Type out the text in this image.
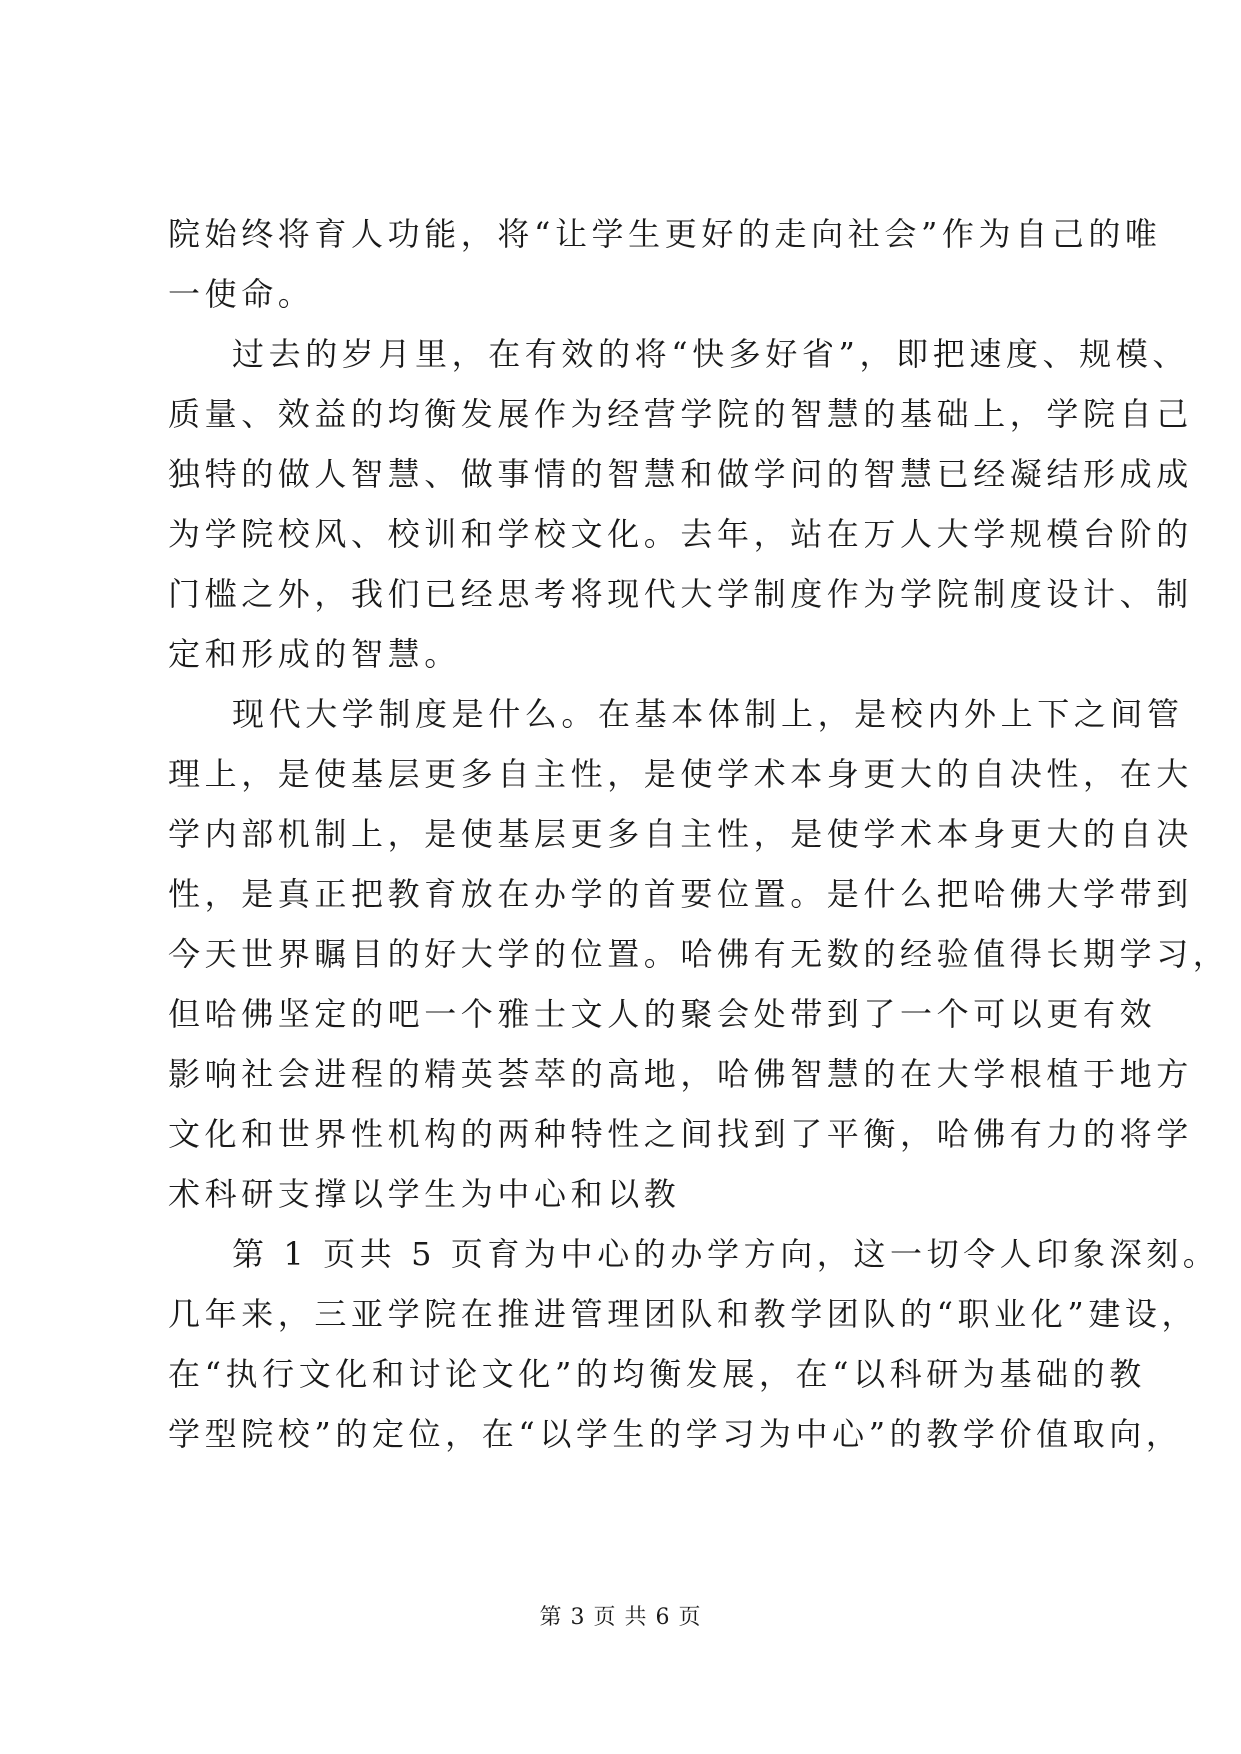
院始终将育人功能，将“让学生更好的走向社会”作为自己的唯
一使命。
过去的岁月里，在有效的将“快多好省”，即把速度、规模、
质量、效益的均衡发展作为经营学院的智慧的基础上，学院自己
独特的做人智慧、做事情的智慧和做学问的智慧已经凝结形成成
为学院校风、校训和学校文化。去年，站在万人大学规模台阶的
门槛之外，我们已经思考将现代大学制度作为学院制度设计、制
定和形成的智慧。
现代大学制度是什么。在基本体制上，是校内外上下之间管
理上，是使基层更多自主性，是使学术本身更大的自决性，在大
学内部机制上，是使基层更多自主性，是使学术本身更大的自决
性，是真正把教育放在办学的首要位置。是什么把哈佛大学带到
今天世界瞩目的好大学的位置。哈佛有无数的经验值得长期学习，
但哈佛坚定的吧一个雅士文人的聚会处带到了一个可以更有效
影响社会进程的精英荟萃的高地，哈佛智慧的在大学根植于地方
文化和世界性机构的两种特性之间找到了平衡，哈佛有力的将学
术科研支撑以学生为中心和以教
第 1 页共 5 页育为中心的办学方向，这一切令人印象深刻。
几年来，三亚学院在推进管理团队和教学团队的“职业化”建设，
在“执行文化和讨论文化”的均衡发展，在“以科研为基础的教
学型院校”的定位，在“以学生的学习为中心”的教学价值取向，
第 3 页 共 6 页
